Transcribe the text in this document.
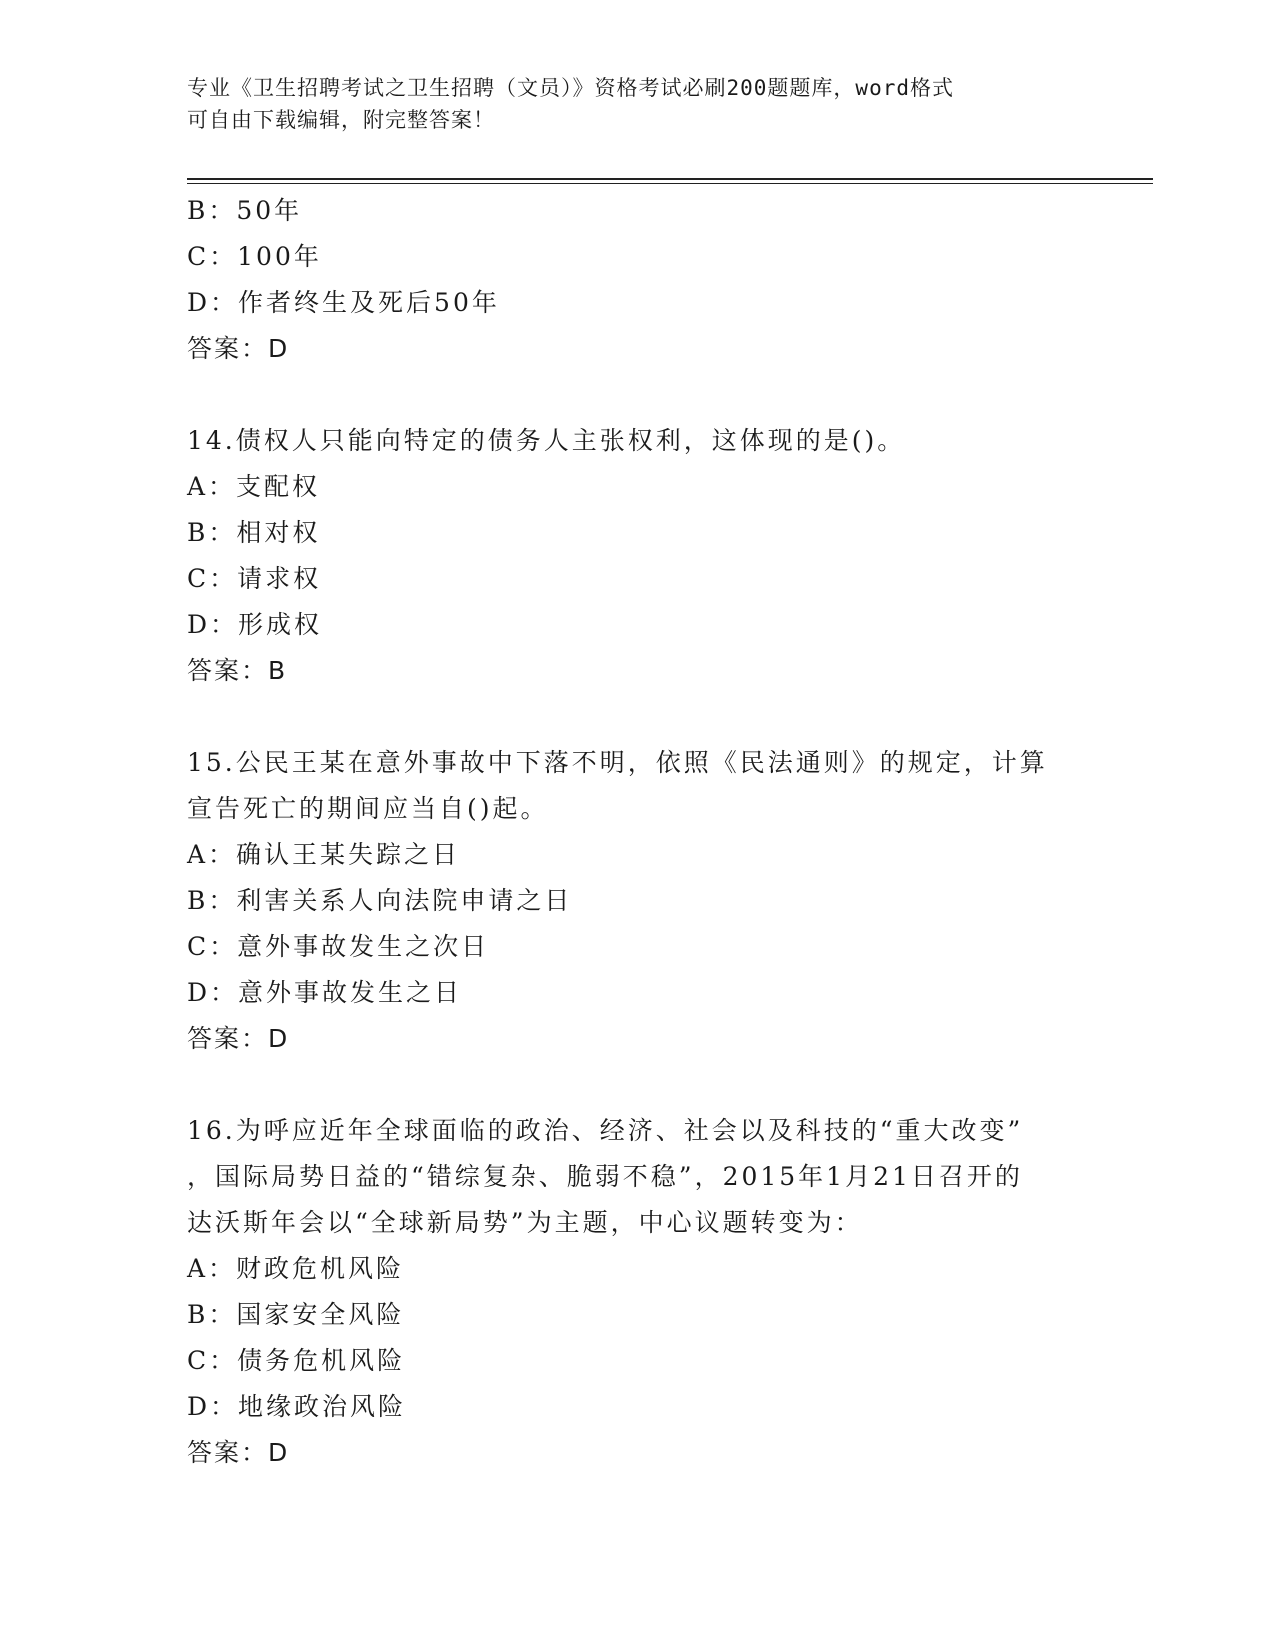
专业《卫生招聘考试之卫生招聘（文员）》资格考试必刷200题题库，word格式
可自由下载编辑，附完整答案！
B：50年
C：100年
D：作者终生及死后50年
答案：D
14.债权人只能向特定的债务人主张权利，这体现的是()。
A：支配权
B：相对权
C：请求权
D：形成权
答案：B
15.公民王某在意外事故中下落不明，依照《民法通则》的规定，计算
宣告死亡的期间应当自()起。
A：确认王某失踪之日
B：利害关系人向法院申请之日
C：意外事故发生之次日
D：意外事故发生之日
答案：D
16.为呼应近年全球面临的政治、经济、社会以及科技的“重大改变”
，国际局势日益的“错综复杂、脆弱不稳”，2015年1月21日召开的
达沃斯年会以“全球新局势”为主题，中心议题转变为：
A：财政危机风险
B：国家安全风险
C：债务危机风险
D：地缘政治风险
答案：D
